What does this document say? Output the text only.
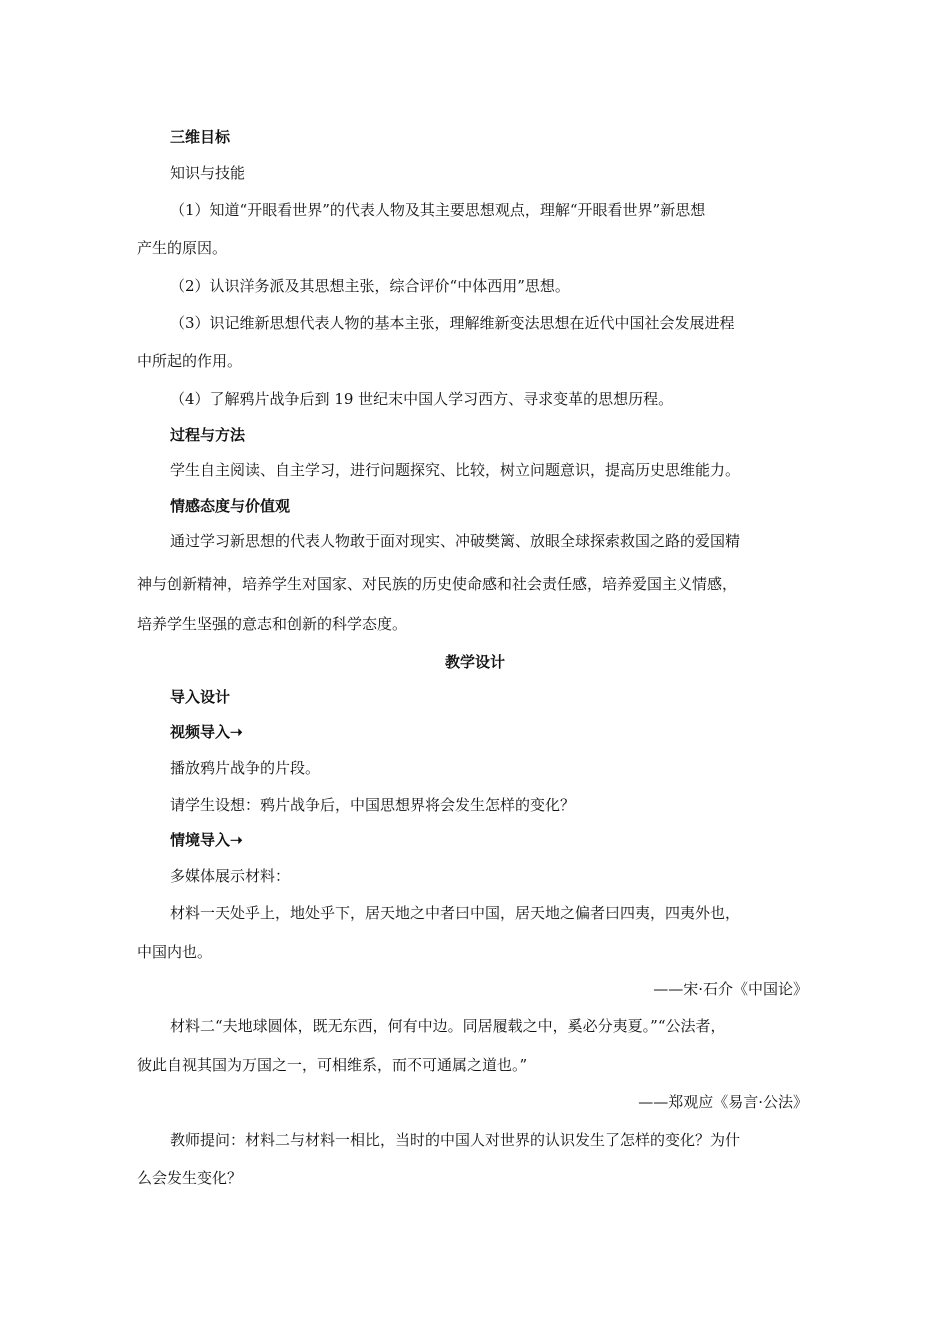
三维目标
知识与技能
（1）知道“开眼看世界”的代表人物及其主要思想观点，理解“开眼看世界”新思想
产生的原因。
（2）认识洋务派及其思想主张，综合评价“中体西用”思想。
（3）识记维新思想代表人物的基本主张，理解维新变法思想在近代中国社会发展进程
中所起的作用。
（4）了解鸦片战争后到 19 世纪末中国人学习西方、寻求变革的思想历程。
过程与方法
学生自主阅读、自主学习，进行问题探究、比较，树立问题意识，提高历史思维能力。
情感态度与价值观
通过学习新思想的代表人物敢于面对现实、冲破樊篱、放眼全球探索救国之路的爱国精
神与创新精神，培养学生对国家、对民族的历史使命感和社会责任感，培养爱国主义情感，
培养学生坚强的意志和创新的科学态度。
教学设计
导入设计
视频导入➝
播放鸦片战争的片段。
请学生设想：鸦片战争后，中国思想界将会发生怎样的变化？
情境导入➝
多媒体展示材料：
材料一天处乎上，地处乎下，居天地之中者曰中国，居天地之偏者曰四夷，四夷外也，
中国内也。
——宋·石介《中国论》
材料二“夫地球圆体，既无东西，何有中边。同居履载之中，奚必分夷夏。”“公法者，
彼此自视其国为万国之一，可相维系，而不可通属之道也。”
——郑观应《易言·公法》
教师提问：材料二与材料一相比，当时的中国人对世界的认识发生了怎样的变化？为什
么会发生变化？
